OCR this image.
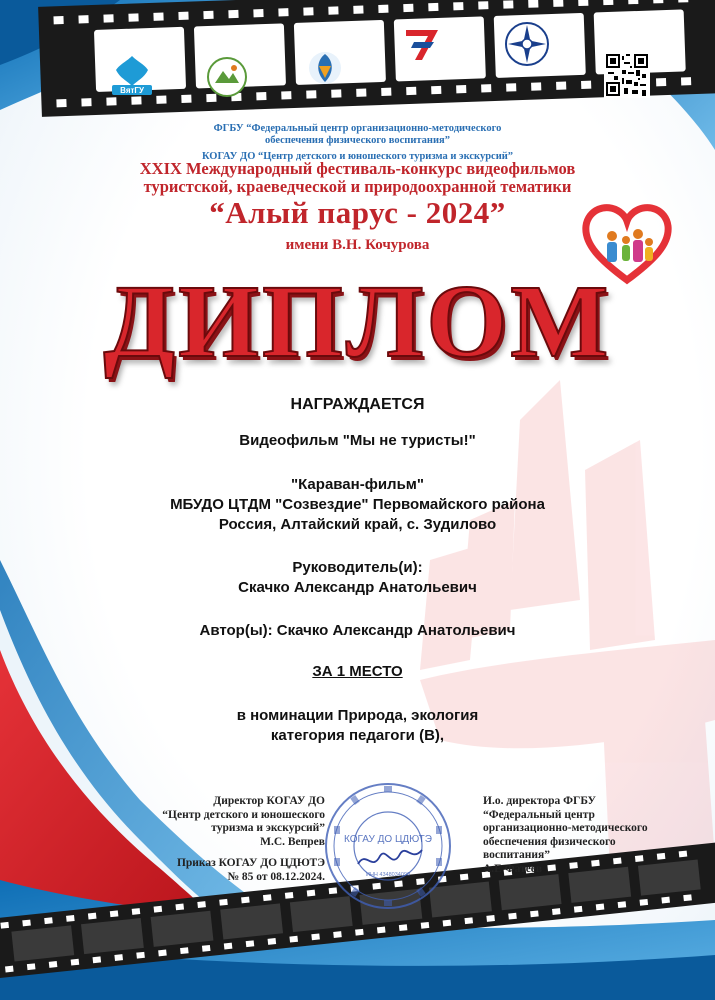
ВятГУ
ФГБУ “Федеральный центр организационно-методического
обеспечения физического воспитания”
КОГАУ ДО “Центр детского и юношеского туризма и экскурсий”
XXIX Международный фестиваль-конкурс видеофильмов
туристской, краеведческой и природоохранной тематики
“Алый парус - 2024”
имени В.Н. Кочурова
ДИПЛОМ
НАГРАЖДАЕТСЯ
Видеофильм "Мы не туристы!"
"Караван-фильм"
МБУДО ЦТДМ "Созвездие" Первомайского района
Россия, Алтайский край, с. Зудилово
Руководитель(и):
Скачко Александр Анатольевич
Автор(ы): Скачко Александр Анатольевич
ЗА 1 МЕСТО
в номинации Природа, экология
категория педагоги (В),
Директор КОГАУ ДО
“Центр детского и юношеского
туризма и экскурсий”
М.С. Вепрев
Приказ КОГАУ ДО ЦДЮТЭ
№ 85 от 08.12.2024.
КОГАУ ДО ЦДЮТЭ
ИНН 4348034090
И.о. директора ФГБУ
“Федеральный центр
организационно-методического
обеспечения физического
воспитания”
А.Е Фатеев
